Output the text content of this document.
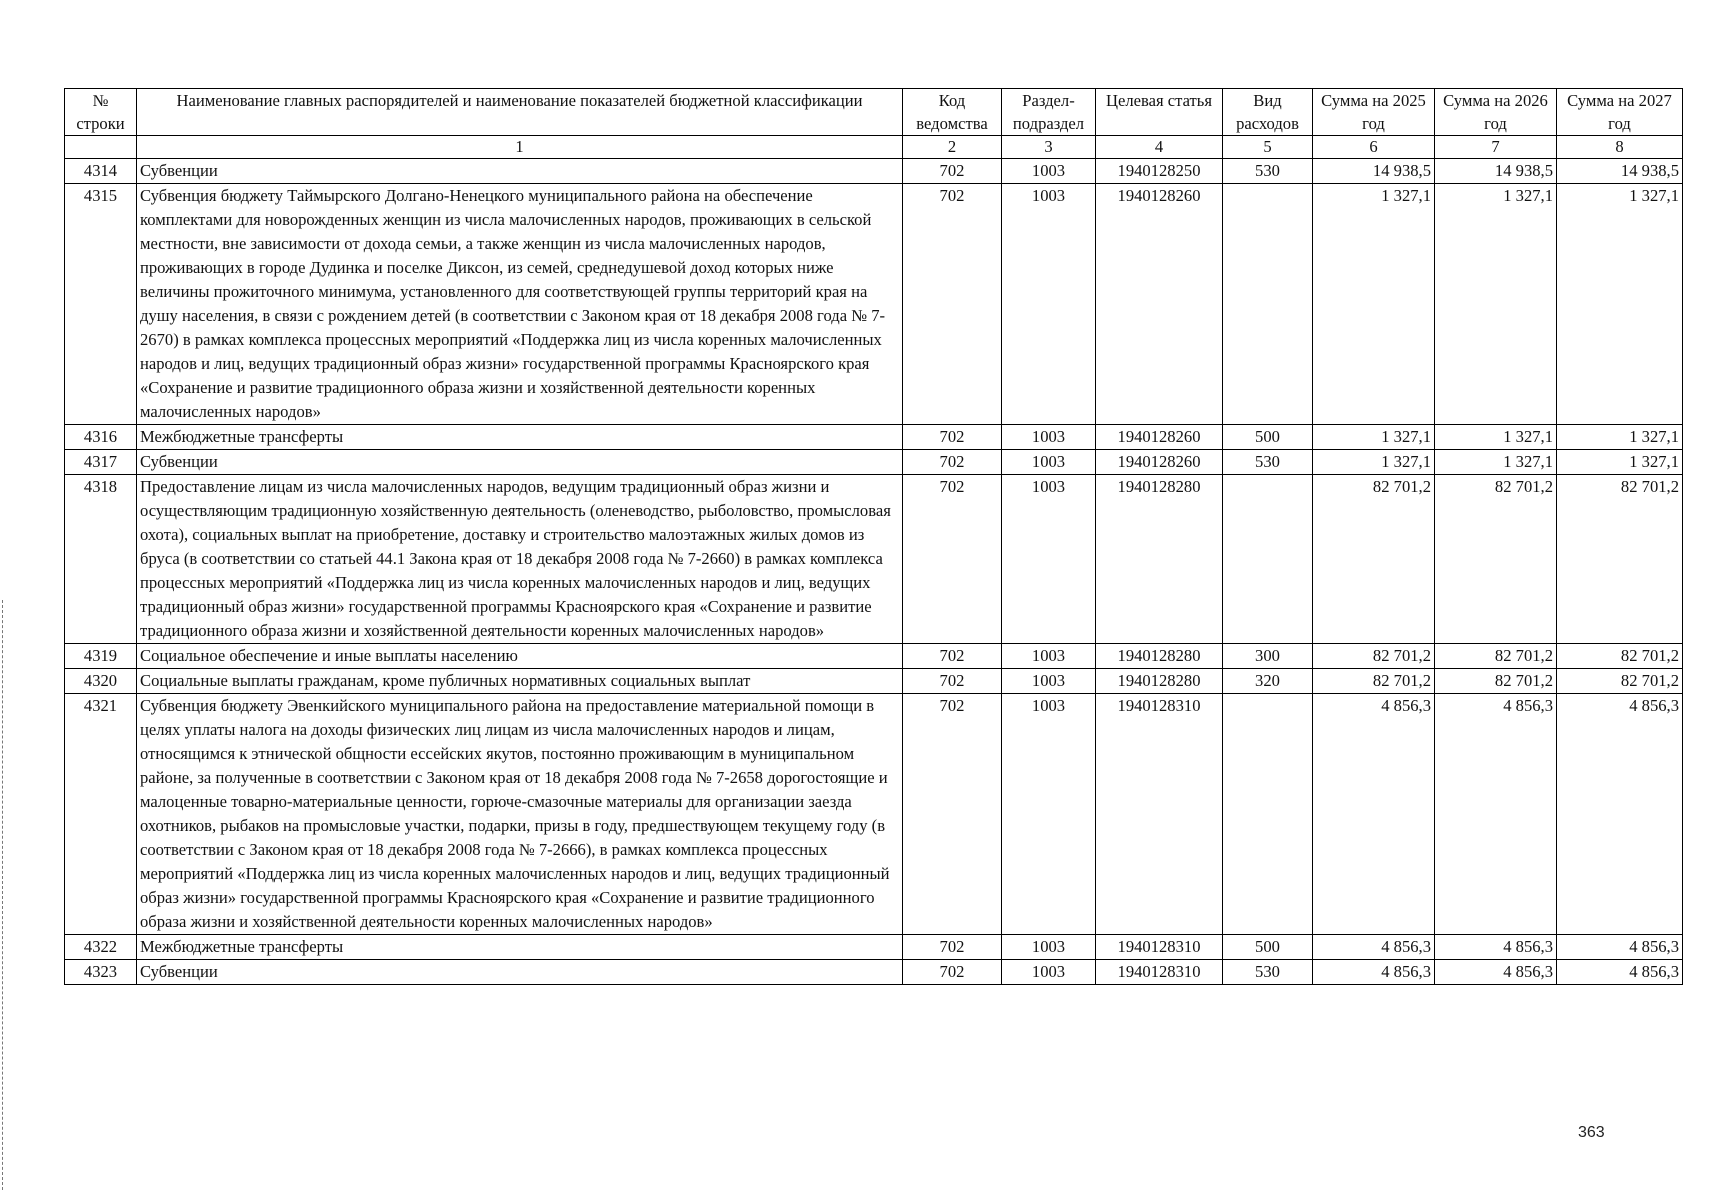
№ строки	Наименование главных распорядителей и наименование показателей бюджетной классификации	Код ведомства	Раздел-подраздел	Целевая статья	Вид расходов	Сумма на 2025 год	Сумма на 2026 год	Сумма на 2027 год
	1	2	3	4	5	6	7	8
4314	Субвенции	702	1003	1940128250	530	14 938,5	14 938,5	14 938,5
4315	Субвенция бюджету Таймырского Долгано-Ненецкого муниципального района на обеспечение комплектами для новорожденных женщин из числа малочисленных народов, проживающих в сельской местности, вне зависимости от дохода семьи, а также женщин из числа малочисленных народов, проживающих в городе Дудинка и поселке Диксон, из семей, среднедушевой доход которых ниже величины прожиточного минимума, установленного для соответствующей группы территорий края на душу населения, в связи с рождением детей (в соответствии с Законом края от 18 декабря 2008 года № 7-2670) в рамках комплекса процессных мероприятий «Поддержка лиц из числа коренных малочисленных народов и лиц, ведущих традиционный образ жизни» государственной программы Красноярского края «Сохранение и развитие традиционного образа жизни и хозяйственной деятельности коренных малочисленных народов»	702	1003	1940128260		1 327,1	1 327,1	1 327,1
4316	Межбюджетные трансферты	702	1003	1940128260	500	1 327,1	1 327,1	1 327,1
4317	Субвенции	702	1003	1940128260	530	1 327,1	1 327,1	1 327,1
4318	Предоставление лицам из числа малочисленных народов, ведущим традиционный образ жизни и осуществляющим традиционную хозяйственную деятельность (оленеводство, рыболовство, промысловая охота), социальных выплат на приобретение, доставку и строительство малоэтажных жилых домов из бруса (в соответствии со статьей 44.1 Закона края от 18 декабря 2008 года № 7-2660) в рамках комплекса процессных мероприятий «Поддержка лиц из числа коренных малочисленных народов и лиц, ведущих традиционный образ жизни» государственной программы Красноярского края «Сохранение и развитие традиционного образа жизни и хозяйственной деятельности коренных малочисленных народов»	702	1003	1940128280		82 701,2	82 701,2	82 701,2
4319	Социальное обеспечение и иные выплаты населению	702	1003	1940128280	300	82 701,2	82 701,2	82 701,2
4320	Социальные выплаты гражданам, кроме публичных нормативных социальных выплат	702	1003	1940128280	320	82 701,2	82 701,2	82 701,2
4321	Субвенция бюджету Эвенкийского муниципального района на предоставление материальной помощи в целях уплаты налога на доходы физических лиц лицам из числа малочисленных народов и лицам, относящимся к этнической общности ессейских якутов, постоянно проживающим в муниципальном районе, за полученные в соответствии с Законом края от 18 декабря 2008 года № 7-2658 дорогостоящие и малоценные товарно-материальные ценности, горюче-смазочные материалы для организации заезда охотников, рыбаков на промысловые участки, подарки, призы в году, предшествующем текущему году (в соответствии с Законом края от 18 декабря 2008 года № 7-2666), в рамках комплекса процессных мероприятий «Поддержка лиц из числа коренных малочисленных народов и лиц, ведущих традиционный образ жизни» государственной программы Красноярского края «Сохранение и развитие традиционного образа жизни и хозяйственной деятельности коренных малочисленных народов»	702	1003	1940128310		4 856,3	4 856,3	4 856,3
4322	Межбюджетные трансферты	702	1003	1940128310	500	4 856,3	4 856,3	4 856,3
4323	Субвенции	702	1003	1940128310	530	4 856,3	4 856,3	4 856,3
363
